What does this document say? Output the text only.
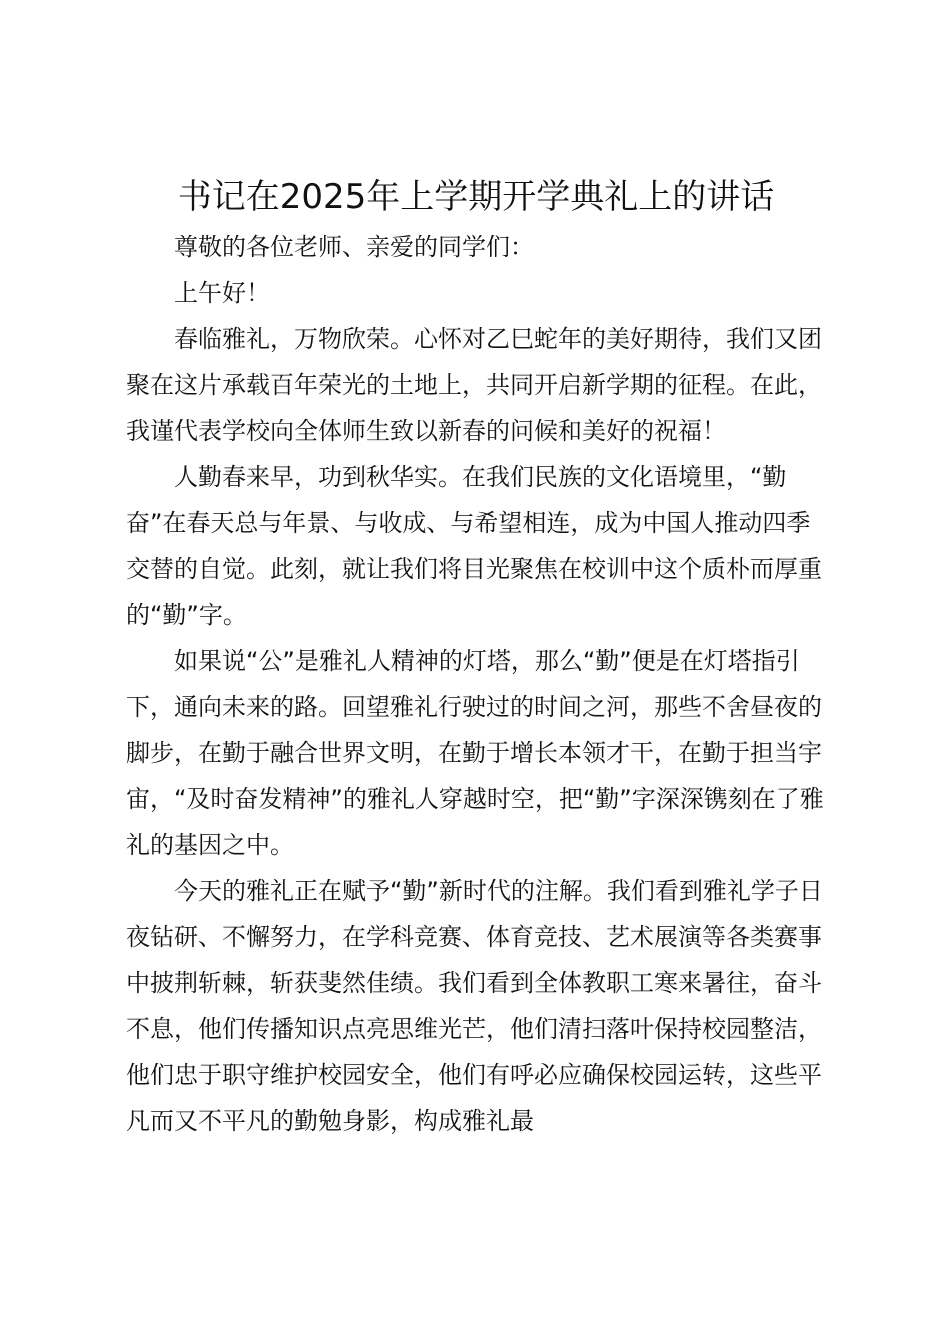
书记在2025年上学期开学典礼上的讲话

尊敬的各位老师、亲爱的同学们：

上午好！

春临雅礼，万物欣荣。心怀对乙巳蛇年的美好期待，我们又团聚在这片承载百年荣光的土地上，共同开启新学期的征程。在此，我谨代表学校向全体师生致以新春的问候和美好的祝福！

人勤春来早，功到秋华实。在我们民族的文化语境里，“勤奋”在春天总与年景、与收成、与希望相连，成为中国人推动四季交替的自觉。此刻，就让我们将目光聚焦在校训中这个质朴而厚重的“勤”字。

如果说“公”是雅礼人精神的灯塔，那么“勤”便是在灯塔指引下，通向未来的路。回望雅礼行驶过的时间之河，那些不舍昼夜的脚步，在勤于融合世界文明，在勤于增长本领才干，在勤于担当宇宙，“及时奋发精神”的雅礼人穿越时空，把“勤”字深深镌刻在了雅礼的基因之中。

今天的雅礼正在赋予“勤”新时代的注解。我们看到雅礼学子日夜钻研、不懈努力，在学科竞赛、体育竞技、艺术展演等各类赛事中披荆斩棘，斩获斐然佳绩。我们看到全体教职工寒来暑往，奋斗不息，他们传播知识点亮思维光芒，他们清扫落叶保持校园整洁，他们忠于职守维护校园安全，他们有呼必应确保校园运转，这些平凡而又不平凡的勤勉身影，构成雅礼最
